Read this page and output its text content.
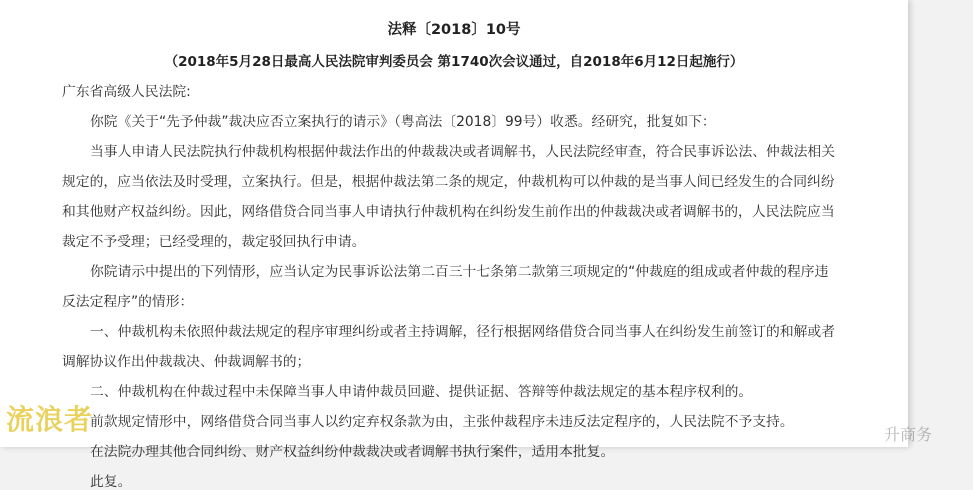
法释〔2018〕10号
（2018年5月28日最高人民法院审判委员会 第1740次会议通过，自2018年6月12日起施行）
广东省高级人民法院:
你院《关于“先予仲裁”裁决应否立案执行的请示》（粤高法〔2018〕99号）收悉。经研究，批复如下：
当事人申请人民法院执行仲裁机构根据仲裁法作出的仲裁裁决或者调解书，人民法院经审查，符合民事诉讼法、仲裁法相关
规定的，应当依法及时受理，立案执行。但是，根据仲裁法第二条的规定，仲裁机构可以仲裁的是当事人间已经发生的合同纠纷
和其他财产权益纠纷。因此，网络借贷合同当事人申请执行仲裁机构在纠纷发生前作出的仲裁裁决或者调解书的，人民法院应当
裁定不予受理；已经受理的，裁定驳回执行申请。
你院请示中提出的下列情形，应当认定为民事诉讼法第二百三十七条第二款第三项规定的“仲裁庭的组成或者仲裁的程序违
反法定程序”的情形：
一、仲裁机构未依照仲裁法规定的程序审理纠纷或者主持调解，径行根据网络借贷合同当事人在纠纷发生前签订的和解或者
调解协议作出仲裁裁决、仲裁调解书的；
二、仲裁机构在仲裁过程中未保障当事人申请仲裁员回避、提供证据、答辩等仲裁法规定的基本程序权利的。
前款规定情形中，网络借贷合同当事人以约定弃权条款为由，主张仲裁程序未违反法定程序的，人民法院不予支持。
在法院办理其他合同纠纷、财产权益纠纷仲裁裁决或者调解书执行案件，适用本批复。
此复。
流浪者	升商务
